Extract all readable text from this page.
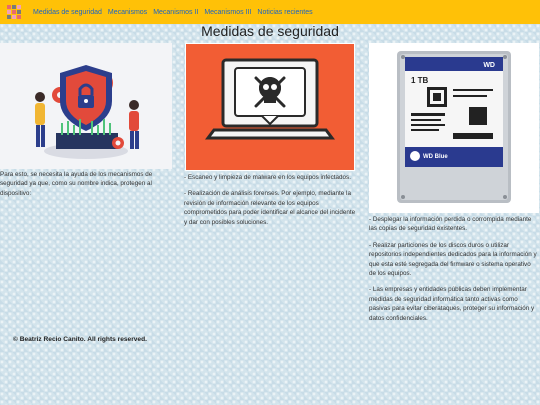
Medidas de seguridad Mecanismos Mecanismos II Mecanismos III Noticias recientes
Medidas de seguridad
WD
1 TB
WD Blue

Para esto, se necesita la ayuda de los mecanismos de seguridad ya que, como su nombre indica, protegen al dispositivo:

- Escaneo y limpieza de malware en los equipos infectados.

- Realización de análisis forenses. Por ejemplo, mediante la revisión de información relevante de los equipos comprometidos para poder identificar el alcance del incidente y dar con posibles soluciones.	- Desplegar la información perdida o corrompida mediante las copias de seguridad existentes.

- Realizar particiones de los discos duros o utilizar repositorios independientes dedicados para la información y que esta esté segregada del firmware o sistema operativo de los equipos.

- Las empresas y entidades públicas deben implementar medidas de seguridad informática tanto activas como pasivas para evitar ciberataques, proteger su información y datos confidenciales.

© Beatriz Recio Canito. All rights reserved.
